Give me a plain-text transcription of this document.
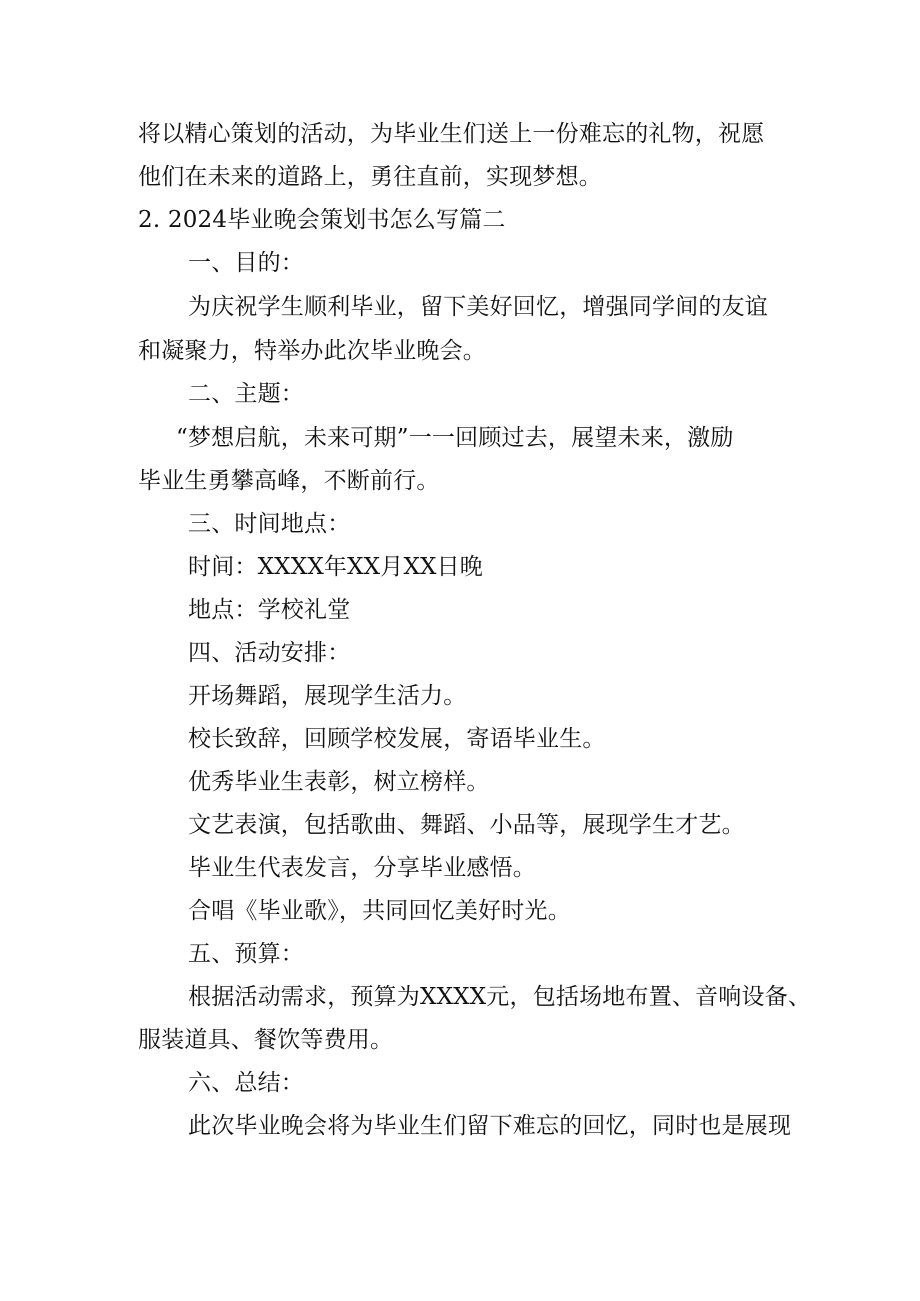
将以精心策划的活动，为毕业生们送上一份难忘的礼物，祝愿
他们在未来的道路上，勇往直前，实现梦想。
2. 2024毕业晚会策划书怎么写篇二
一、目的：
为庆祝学生顺利毕业，留下美好回忆，增强同学间的友谊
和凝聚力，特举办此次毕业晚会。
二、主题：
“梦想启航，未来可期”一一回顾过去，展望未来，激励
毕业生勇攀高峰，不断前行。
三、时间地点：
时间：XXXX年XX月XX日晚
地点：学校礼堂
四、活动安排：
开场舞蹈，展现学生活力。
校长致辞，回顾学校发展，寄语毕业生。
优秀毕业生表彰，树立榜样。
文艺表演，包括歌曲、舞蹈、小品等，展现学生才艺。
毕业生代表发言，分享毕业感悟。
合唱《毕业歌》，共同回忆美好时光。
五、预算：
根据活动需求，预算为XXXX元，包括场地布置、音响设备、
服装道具、餐饮等费用。
六、总结：
此次毕业晚会将为毕业生们留下难忘的回忆，同时也是展现
